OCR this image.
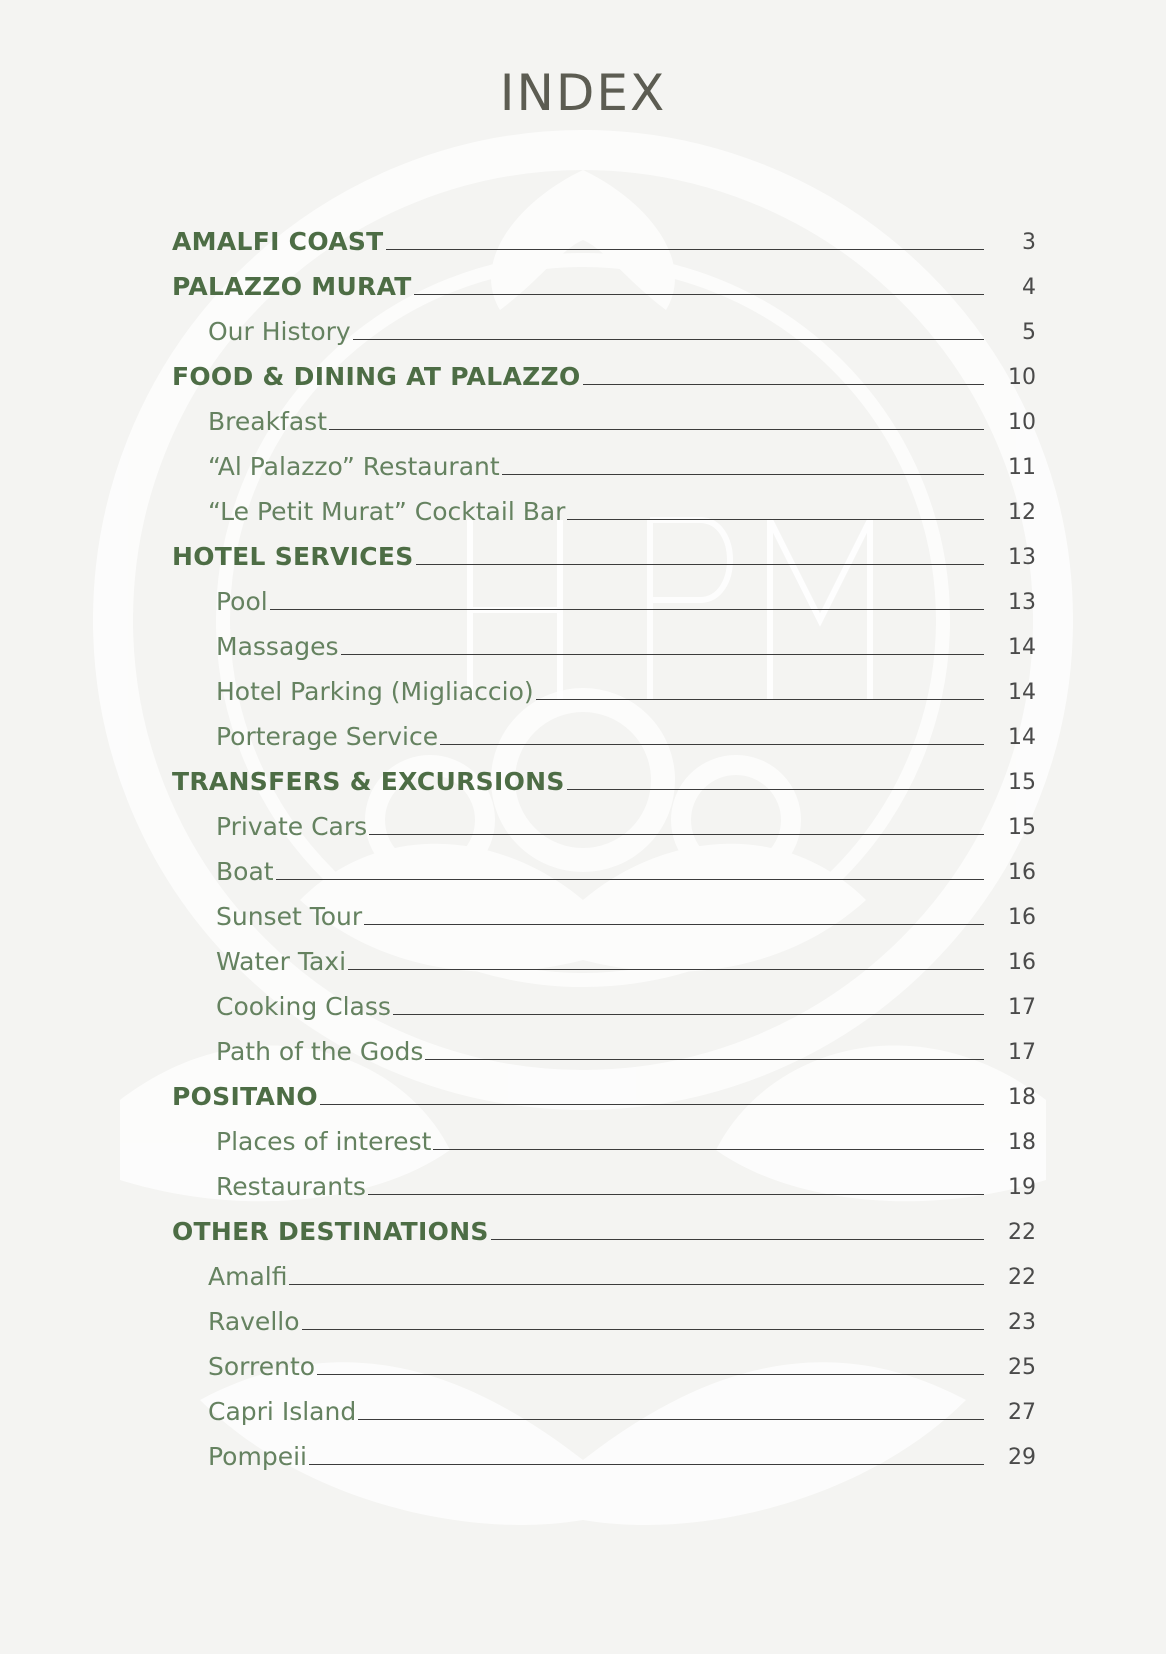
INDEX
AMALFI COAST	3
PALAZZO MURAT	4
Our History	5
FOOD & DINING AT PALAZZO	10
Breakfast	10
“Al Palazzo” Restaurant	11
“Le Petit Murat” Cocktail Bar	12
HOTEL SERVICES	13
Pool	13
Massages	14
Hotel Parking (Migliaccio)	14
Porterage Service	14
TRANSFERS & EXCURSIONS	15
Private Cars	15
Boat	16
Sunset Tour	16
Water Taxi	16
Cooking Class	17
Path of the Gods	17
POSITANO	18
Places of interest	18
Restaurants	19
OTHER DESTINATIONS	22
Amalfi	22
Ravello	23
Sorrento	25
Capri Island	27
Pompeii	29
